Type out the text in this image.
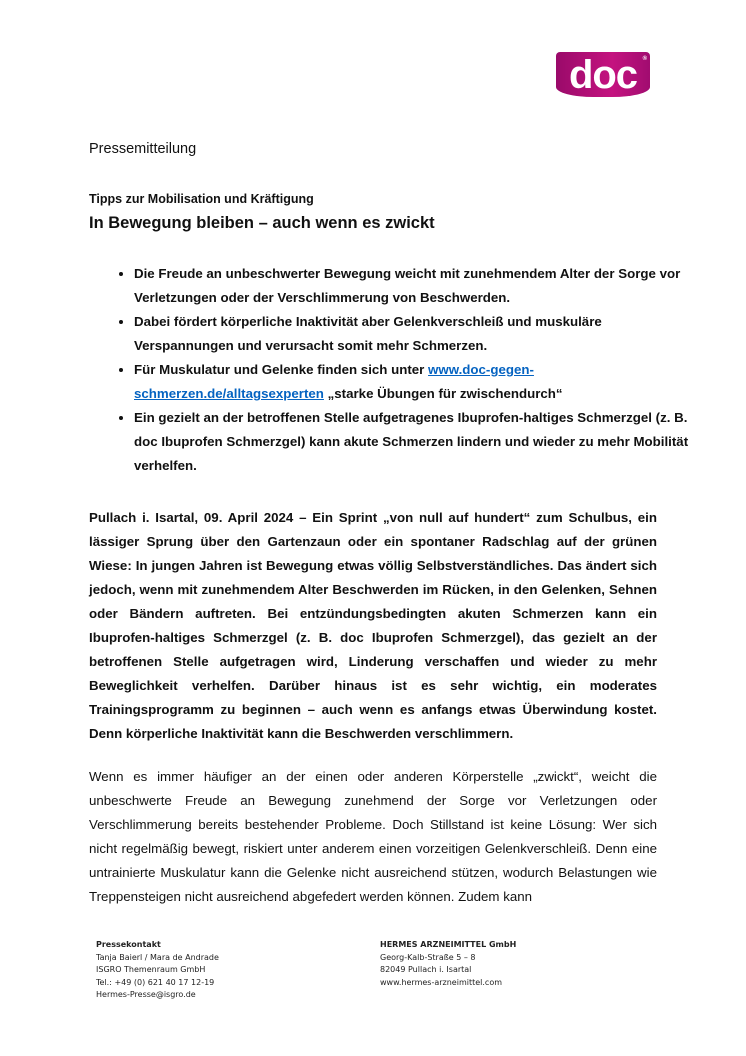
doc ®
Pressemitteilung
Tipps zur Mobilisation und Kräftigung
In Bewegung bleiben – auch wenn es zwickt
• Die Freude an unbeschwerter Bewegung weicht mit zunehmendem Alter der Sorge vor Verletzungen oder der Verschlimmerung von Beschwerden.
• Dabei fördert körperliche Inaktivität aber Gelenkverschleiß und muskuläre Verspannungen und verursacht somit mehr Schmerzen.
• Für Muskulatur und Gelenke finden sich unter www.doc-gegen-schmerzen.de/alltagsexperten „starke Übungen für zwischendurch“
• Ein gezielt an der betroffenen Stelle aufgetragenes Ibuprofen-haltiges Schmerzgel (z. B. doc Ibuprofen Schmerzgel) kann akute Schmerzen lindern und wieder zu mehr Mobilität verhelfen.

Pullach i. Isartal, 09. April 2024 – Ein Sprint „von null auf hundert“ zum Schulbus, ein lässiger Sprung über den Gartenzaun oder ein spontaner Radschlag auf der grünen Wiese: In jungen Jahren ist Bewegung etwas völlig Selbstverständliches. Das ändert sich jedoch, wenn mit zunehmendem Alter Beschwerden im Rücken, in den Gelenken, Sehnen oder Bändern auftreten. Bei entzündungsbedingten akuten Schmerzen kann ein Ibuprofen-haltiges Schmerzgel (z. B. doc Ibuprofen Schmerzgel), das gezielt an der betroffenen Stelle aufgetragen wird, Linderung verschaffen und wieder zu mehr Beweglichkeit verhelfen. Darüber hinaus ist es sehr wichtig, ein moderates Trainingsprogramm zu beginnen – auch wenn es anfangs etwas Überwindung kostet. Denn körperliche Inaktivität kann die Beschwerden verschlimmern.

Wenn es immer häufiger an der einen oder anderen Körperstelle „zwickt“, weicht die unbeschwerte Freude an Bewegung zunehmend der Sorge vor Verletzungen oder Verschlimmerung bereits bestehender Probleme. Doch Stillstand ist keine Lösung: Wer sich nicht regelmäßig bewegt, riskiert unter anderem einen vorzeitigen Gelenkverschleiß. Denn eine untrainierte Muskulatur kann die Gelenke nicht ausreichend stützen, wodurch Belastungen wie Treppensteigen nicht ausreichend abgefedert werden können. Zudem kann

Pressekontakt
Tanja Baierl / Mara de Andrade
ISGRO Themenraum GmbH
Tel.: +49 (0) 621 40 17 12-19
Hermes-Presse@isgro.de
HERMES ARZNEIMITTEL GmbH
Georg-Kalb-Straße 5 – 8
82049 Pullach i. Isartal
www.hermes-arzneimittel.com
